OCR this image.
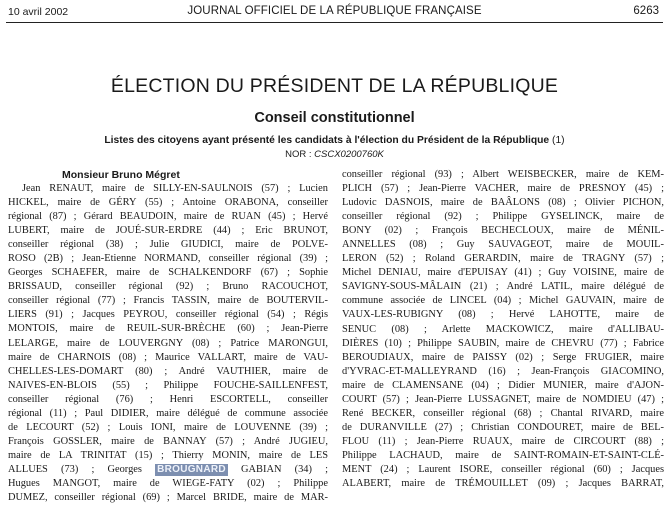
10 avril 2002	JOURNAL OFFICIEL DE LA RÉPUBLIQUE FRANÇAISE	6263
ÉLECTION DU PRÉSIDENT DE LA RÉPUBLIQUE
Conseil constitutionnel
Listes des citoyens ayant présenté les candidats à l'élection du Président de la République (1)
NOR : CSCX0200760K
Monsieur Bruno Mégret
Jean RENAUT, maire de SILLY-EN-SAULNOIS (57) ; Lucien
HICKEL, maire de GÉRY (55) ; Antoine ORABONA, conseiller
régional (87) ; Gérard BEAUDOIN, maire de RUAN (45) ; Hervé
LUBERT, maire de JOUÉ-SUR-ERDRE (44) ; Eric BRUNOT,
conseiller régional (38) ; Julie GIUDICI, maire de POLVE-
ROSO (2B) ; Jean-Etienne NORMAND, conseiller régional (39) ;
Georges SCHAEFER, maire de SCHALKENDORF (67) ; Sophie
BRISSAUD, conseiller régional (92) ; Bruno RACOUCHOT,
conseiller régional (77) ; Francis TASSIN, maire de BOUTERVIL-
LIERS (91) ; Jacques PEYROU, conseiller régional (54) ; Régis
MONTOIS, maire de REUIL-SUR-BRÈCHE (60) ; Jean-Pierre
LELARGE, maire de LOUVERGNY (08) ; Patrice MARONGUI,
maire de CHARNOIS (08) ; Maurice VALLART, maire de VAU-
CHELLES-LES-DOMART (80) ; André VAUTHIER, maire de
NAIVES-EN-BLOIS (55) ; Philippe FOUCHE-SAILLENFEST,
conseiller régional (76) ; Henri ESCORTELL, conseiller
régional (11) ; Paul DIDIER, maire délégué de commune associée
de LECOURT (52) ; Louis IONI, maire de LOUVENNE (39) ;
François GOSSLER, maire de BANNAY (57) ; André JUGIEU,
maire de LA TRINITAT (15) ; Thierry MONIN, maire de LES
ALLUES (73) ; Georges BROUGNARD GABIAN (34) ;
Hugues MANGOT, maire de WIEGE-FATY (02) ; Philippe
DUMEZ, conseiller régional (69) ; Marcel BRIDE, maire de MAR-
conseiller régional (93) ; Albert WEISBECKER, maire de KEM-
PLICH (57) ; Jean-Pierre VACHER, maire de PRESNOY (45) ;
Ludovic DASNOIS, maire de BAÂLONS (08) ; Olivier PICHON,
conseiller régional (92) ; Philippe GYSELINCK, maire de
BONY (02) ; François BECHECLOUX, maire de MÉNIL-
ANNELLES (08) ; Guy SAUVAGEOT, maire de MOUIL-
LERON (52) ; Roland GERARDIN, maire de TRAGNY (57) ;
Michel DENIAU, maire d'EPUISAY (41) ; Guy VOISINE, maire de
SAVIGNY-SOUS-MÂLAIN (21) ; André LATIL, maire délégué de
commune associée de LINCEL (04) ; Michel GAUVAIN, maire de
VAUX-LES-RUBIGNY (08) ; Hervé LAHOTTE, maire de
SENUC (08) ; Arlette MACKOWICZ, maire d'ALLIBAU-
DIÈRES (10) ; Philippe SAUBIN, maire de CHEVRU (77) ; Fabrice
BEROUDIAUX, maire de PAISSY (02) ; Serge FRUGIER, maire
d'YVRAC-ET-MALLEYRAND (16) ; Jean-François GIACOMINO,
maire de CLAMENSANE (04) ; Didier MUNIER, maire d'AJON-
COURT (57) ; Jean-Pierre LUSSAGNET, maire de NOMDIEU (47) ;
René BECKER, conseiller régional (68) ; Chantal RIVARD, maire
de DURANVILLE (27) ; Christian CONDOURET, maire de BEL-
FLOU (11) ; Jean-Pierre RUAUX, maire de CIRCOURT (88) ;
Philippe LACHAUD, maire de SAINT-ROMAIN-ET-SAINT-CLÉ-
MENT (24) ; Laurent ISORE, conseiller régional (60) ; Jacques
ALABERT, maire de TRÉMOUILLET (09) ; Jacques BARRAT,
